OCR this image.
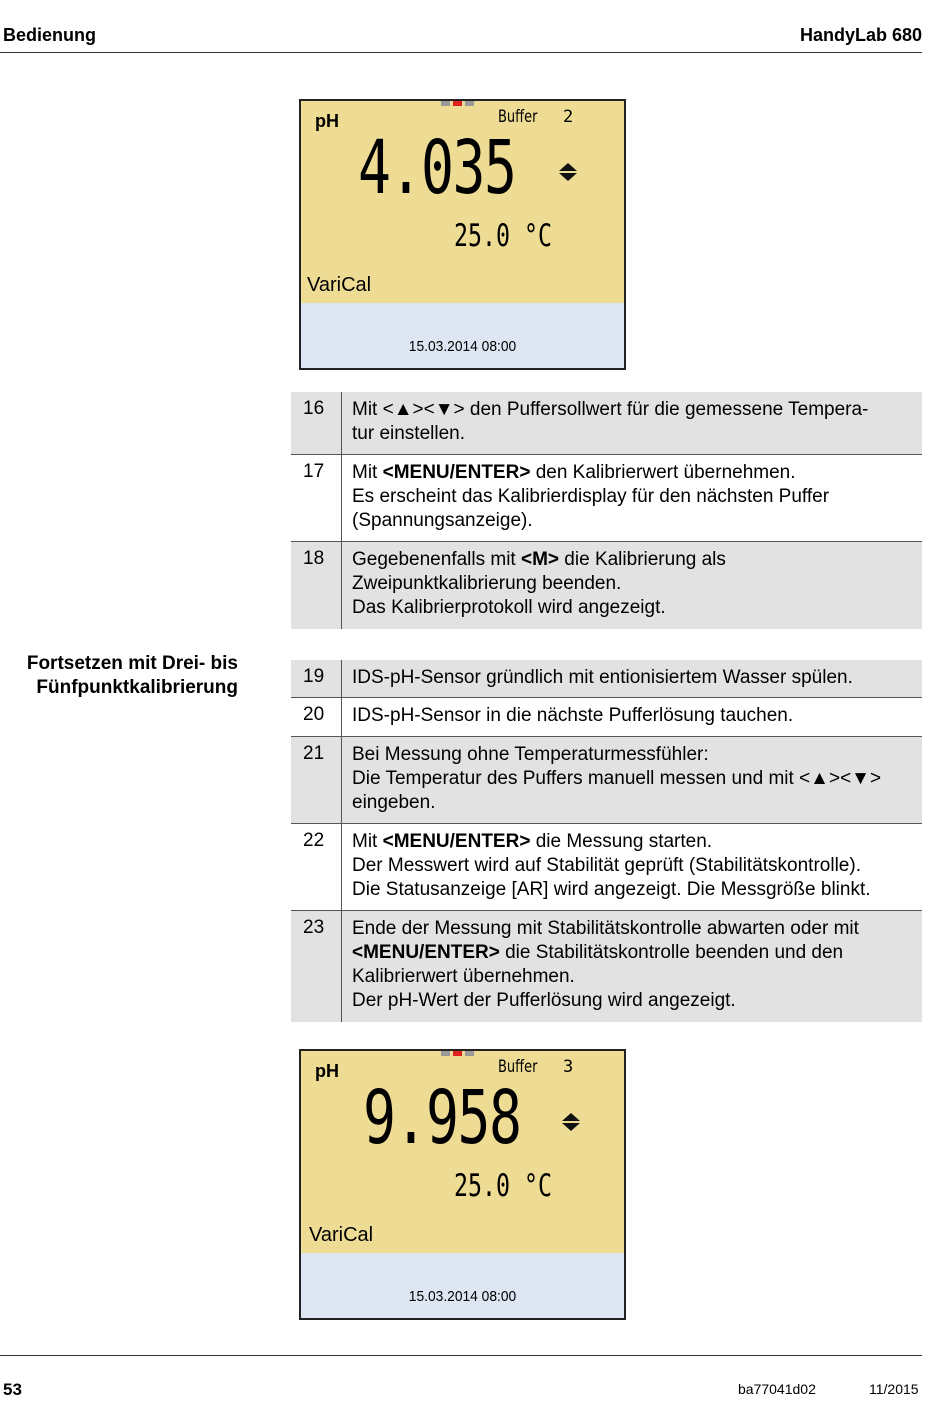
Bedienung	HandyLab 680
pH	Buffer 2
4.035
25.0 °C
VariCal
15.03.2014 08:00
16 Mit <▲><▼> den Puffersollwert für die gemessene Tempera-
tur einstellen.
17 Mit <MENU/ENTER> den Kalibrierwert übernehmen.
Es erscheint das Kalibrierdisplay für den nächsten Puffer
(Spannungsanzeige).
18 Gegebenenfalls mit <M> die Kalibrierung als
Zweipunktkalibrierung beenden.
Das Kalibrierprotokoll wird angezeigt.
Fortsetzen mit Drei- bis
Fünfpunktkalibrierung
19 IDS-pH-Sensor gründlich mit entionisiertem Wasser spülen.
20 IDS-pH-Sensor in die nächste Pufferlösung tauchen.
21 Bei Messung ohne Temperaturmessfühler:
Die Temperatur des Puffers manuell messen und mit <▲><▼>
eingeben.
22 Mit <MENU/ENTER> die Messung starten.
Der Messwert wird auf Stabilität geprüft (Stabilitätskontrolle).
Die Statusanzeige [AR] wird angezeigt. Die Messgröße blinkt.
23 Ende der Messung mit Stabilitätskontrolle abwarten oder mit
<MENU/ENTER> die Stabilitätskontrolle beenden und den
Kalibrierwert übernehmen.
Der pH-Wert der Pufferlösung wird angezeigt.
pH	Buffer 3
9.958
25.0 °C
VariCal
15.03.2014 08:00
53	ba77041d02	11/2015
